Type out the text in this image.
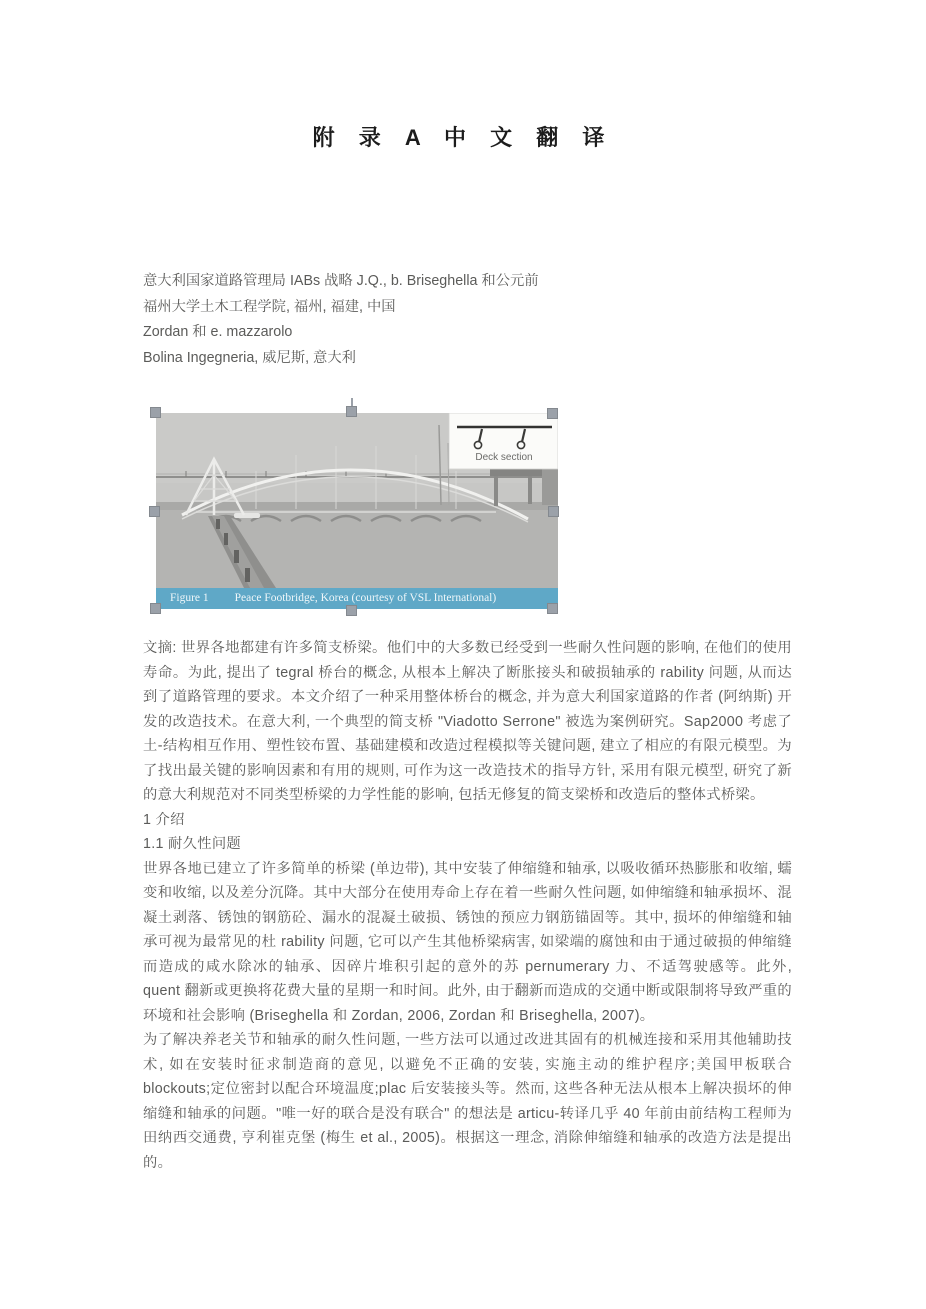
附 录 A 中 文 翻 译
意大利国家道路管理局 IABs 战略 J.Q., b. Briseghella 和公元前
福州大学土木工程学院, 福州, 福建, 中国
Zordan 和 e. mazzarolo
Bolina Ingegneria, 威尼斯, 意大利
Deck section
Figure 1 Peace Footbridge, Korea (courtesy of VSL International)

文摘: 世界各地都建有许多简支桥梁。他们中的大多数已经受到一些耐久性问题的影响, 在他们的使用寿命。为此, 提出了 tegral 桥台的概念, 从根本上解决了断胀接头和破损轴承的 rability 问题, 从而达到了道路管理的要求。本文介绍了一种采用整体桥台的概念, 并为意大利国家道路的作者 (阿纳斯) 开发的改造技术。在意大利, 一个典型的简支桥 "Viadotto Serrone" 被选为案例研究。Sap2000 考虑了土-结构相互作用、塑性铰布置、基础建模和改造过程模拟等关键问题, 建立了相应的有限元模型。为了找出最关键的影响因素和有用的规则, 可作为这一改造技术的指导方针, 采用有限元模型, 研究了新的意大利规范对不同类型桥梁的力学性能的影响, 包括无修复的简支梁桥和改造后的整体式桥梁。

1 介绍

1.1 耐久性问题

世界各地已建立了许多简单的桥梁 (单边带), 其中安装了伸缩缝和轴承, 以吸收循环热膨胀和收缩, 蠕变和收缩, 以及差分沉降。其中大部分在使用寿命上存在着一些耐久性问题, 如伸缩缝和轴承损坏、混凝土剥落、锈蚀的钢筋砼、漏水的混凝土破损、锈蚀的预应力钢筋锚固等。其中, 损坏的伸缩缝和轴承可视为最常见的杜 rability 问题, 它可以产生其他桥梁病害, 如梁端的腐蚀和由于通过破损的伸缩缝而造成的咸水除冰的轴承、因碎片堆积引起的意外的苏 pernumerary 力、不适驾驶感等。此外, quent 翻新或更换将花费大量的星期一和时间。此外, 由于翻新而造成的交通中断或限制将导致严重的环境和社会影响 (Briseghella 和 Zordan, 2006, Zordan 和 Briseghella, 2007)。

为了解决养老关节和轴承的耐久性问题, 一些方法可以通过改进其固有的机械连接和采用其他辅助技术, 如在安装时征求制造商的意见, 以避免不正确的安装, 实施主动的维护程序;美国甲板联合 blockouts;定位密封以配合环境温度;plac 后安装接头等。然而, 这些各种无法从根本上解决损坏的伸缩缝和轴承的问题。"唯一好的联合是没有联合" 的想法是 articu-转译几乎 40 年前由前结构工程师为田纳西交通费, 亨利崔克堡 (梅生 et al., 2005)。根据这一理念, 消除伸缩缝和轴承的改造方法是提出的。
